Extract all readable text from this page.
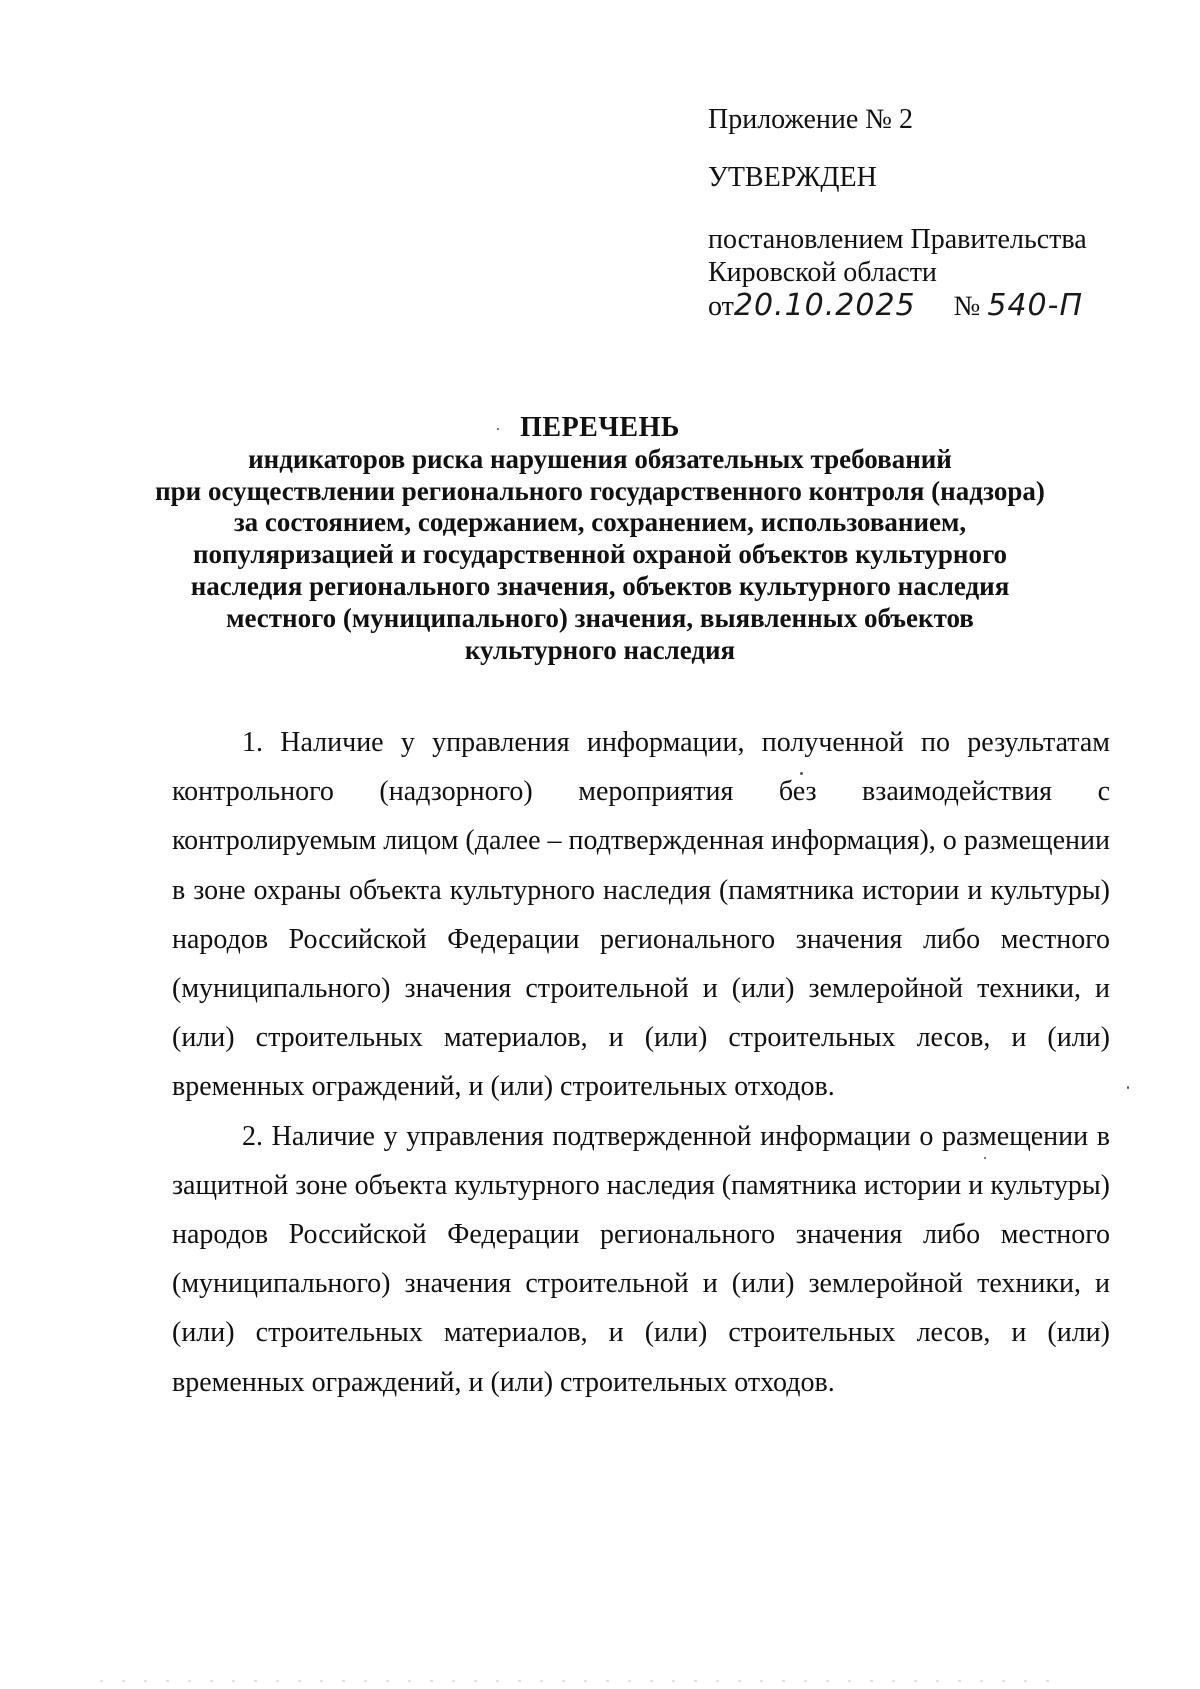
Приложение № 2
УТВЕРЖДЕН
постановлением Правительства
Кировской области
от20.10.2025 № 540-П
ПЕРЕЧЕНЬ
индикаторов риска нарушения обязательных требований
при осуществлении регионального государственного контроля (надзора)
за состоянием, содержанием, сохранением, использованием,
популяризацией и государственной охраной объектов культурного
наследия регионального значения, объектов культурного наследия
местного (муниципального) значения, выявленных объектов
культурного наследия

1. Наличие у управления информации, полученной по результатам контрольного (надзорного) мероприятия без взаимодействия с контролируемым лицом (далее – подтвержденная информация), о размещении в зоне охраны объекта культурного наследия (памятника истории и культуры) народов Российской Федерации регионального значения либо местного (муниципального) значения строительной и (или) землеройной техники, и (или) строительных материалов, и (или) строительных лесов, и (или) временных ограждений, и (или) строительных отходов.

2. Наличие у управления подтвержденной информации о размещении в защитной зоне объекта культурного наследия (памятника истории и культуры) народов Российской Федерации регионального значения либо местного (муниципального) значения строительной и (или) землеройной техники, и (или) строительных материалов, и (или) строительных лесов, и (или) временных ограждений, и (или) строительных отходов.
